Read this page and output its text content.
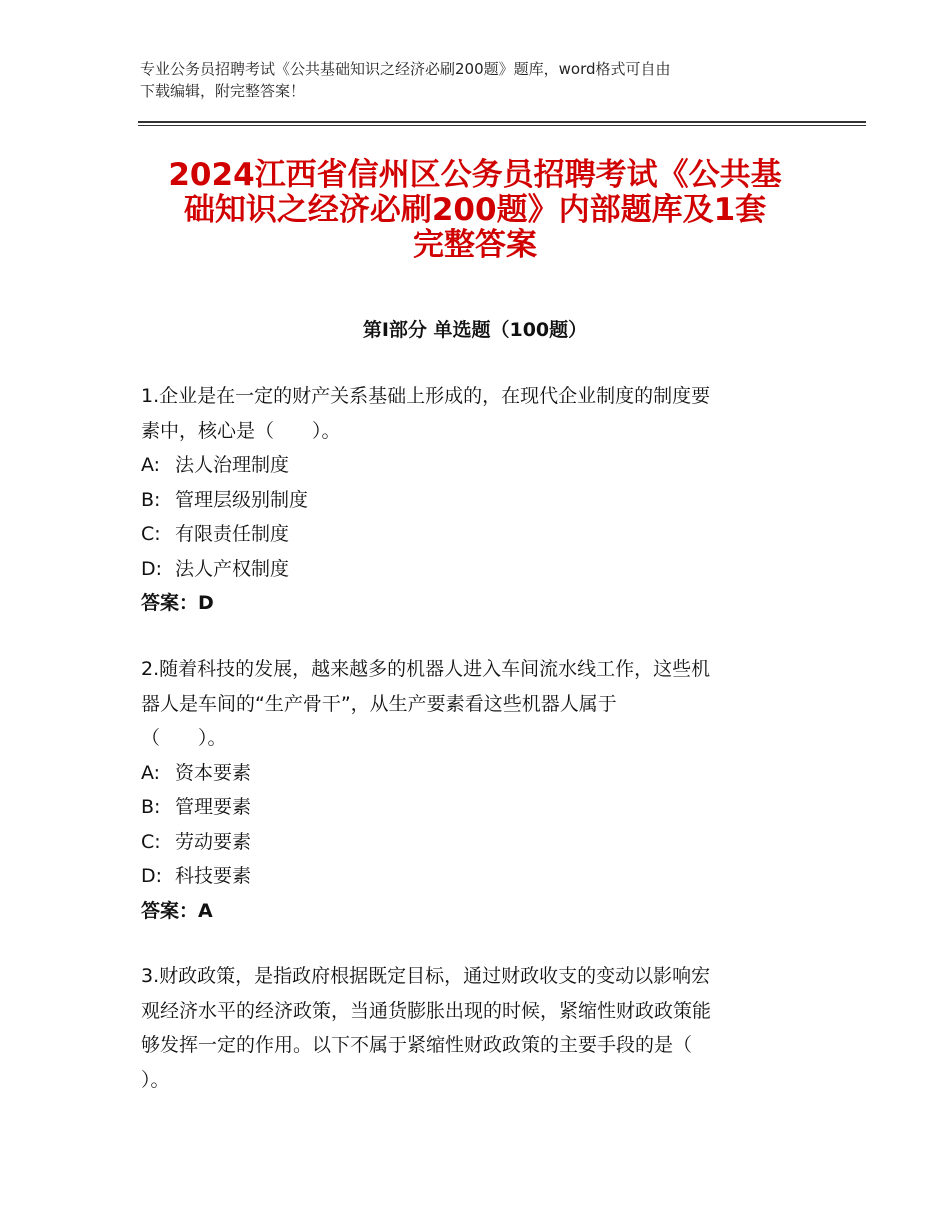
专业公务员招聘考试《公共基础知识之经济必刷200题》题库，word格式可自由
下载编辑，附完整答案！
2024江西省信州区公务员招聘考试《公共基
础知识之经济必刷200题》内部题库及1套
完整答案
第Ⅰ部分 单选题（100题）
1.企业是在一定的财产关系基础上形成的，在现代企业制度的制度要
素中，核心是（　　）。
A: 法人治理制度
B: 管理层级别制度
C: 有限责任制度
D: 法人产权制度
答案：D
2.随着科技的发展，越来越多的机器人进入车间流水线工作，这些机
器人是车间的“生产骨干”，从生产要素看这些机器人属于
（　　）。
A: 资本要素
B: 管理要素
C: 劳动要素
D: 科技要素
答案：A
3.财政政策，是指政府根据既定目标，通过财政收支的变动以影响宏
观经济水平的经济政策，当通货膨胀出现的时候，紧缩性财政政策能
够发挥一定的作用。以下不属于紧缩性财政政策的主要手段的是（
）。
